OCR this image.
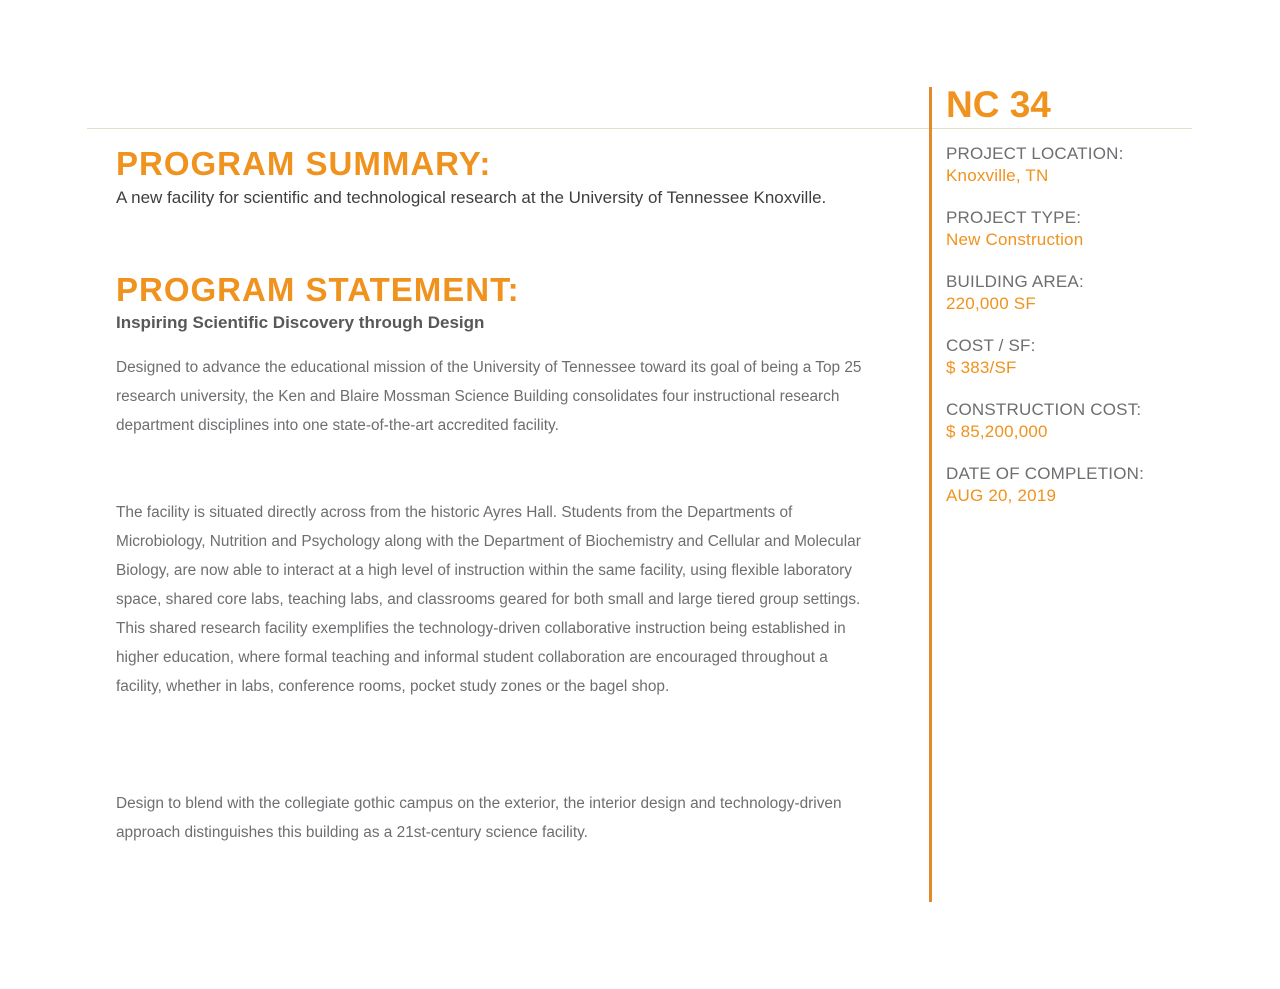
PROGRAM SUMMARY:
A new facility for scientific and technological research at the University of Tennessee Knoxville.
PROGRAM STATEMENT:
Inspiring Scientific Discovery through Design

Designed to advance the educational mission of the University of Tennessee toward its goal of being a Top 25 research university, the Ken and Blaire Mossman Science Building consolidates four instructional research department disciplines into one state-of-the-art accredited facility.

The facility is situated directly across from the historic Ayres Hall. Students from the Departments of Microbiology, Nutrition and Psychology along with the Department of Biochemistry and Cellular and Molecular Biology, are now able to interact at a high level of instruction within the same facility, using flexible laboratory space, shared core labs, teaching labs, and classrooms geared for both small and large tiered group settings. This shared research facility exemplifies the technology-driven collaborative instruction being established in higher education, where formal teaching and informal student collaboration are encouraged throughout a facility, whether in labs, conference rooms, pocket study zones or the bagel shop.

Design to blend with the collegiate gothic campus on the exterior, the interior design and technology-driven approach distinguishes this building as a 21st-century science facility.

NC 34
PROJECT LOCATION:
Knoxville, TN
PROJECT TYPE:
New Construction
BUILDING AREA:
220,000 SF
COST / SF:
$ 383/SF
CONSTRUCTION COST:
$ 85,200,000
DATE OF COMPLETION:
AUG 20, 2019
